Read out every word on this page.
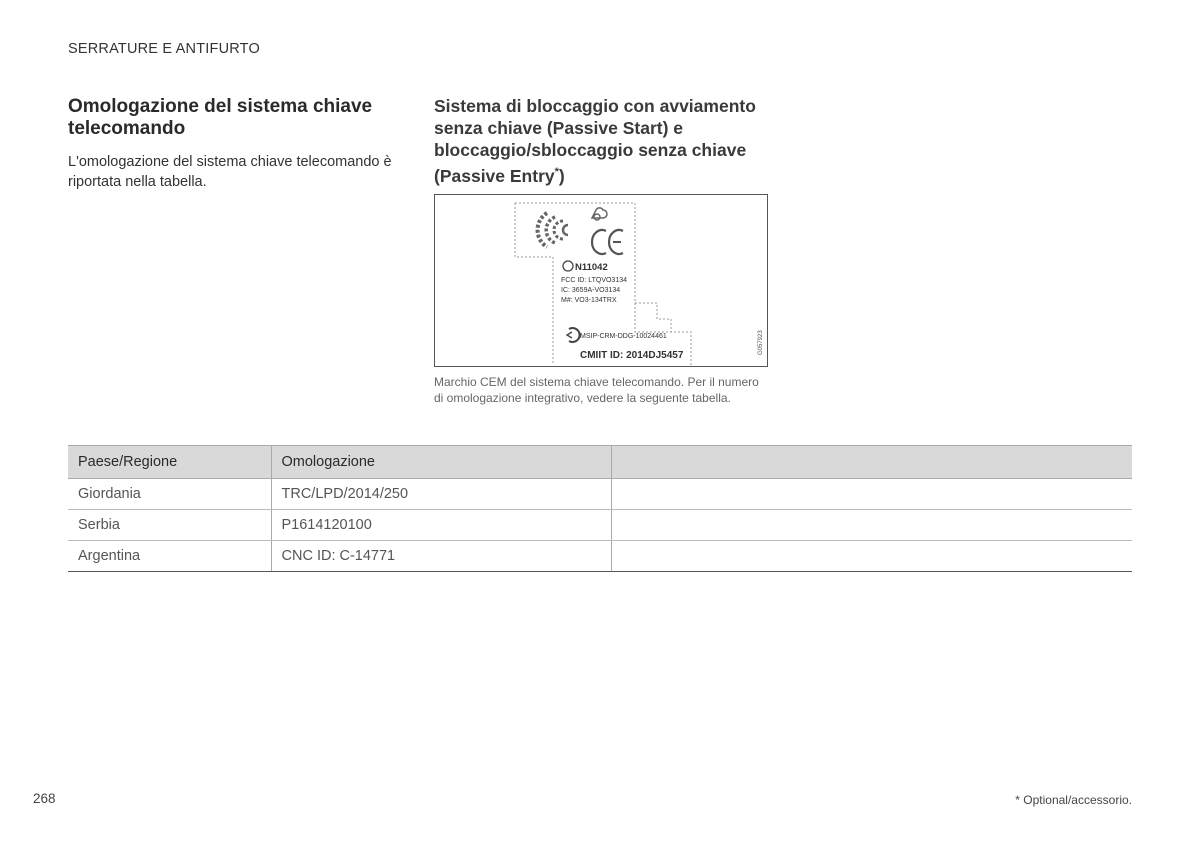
SERRATURE E ANTIFURTO
Omologazione del sistema chiave telecomando

L'omologazione del sistema chiave telecomando è riportata nella tabella.

Sistema di bloccaggio con avviamento senza chiave (Passive Start) e bloccaggio/sbloccaggio senza chiave (Passive Entry*)
N11042
FCC ID: LTQVO3134
IC: 3659A-VO3134
M#: VO3-134TRX
MSIP-CRM-DDG-10024461
CMIIT ID: 2014DJ5457
G057923

Marchio CEM del sistema chiave telecomando. Per il numero di omologazione integrativo, vedere la seguente tabella.

Paese/Regione	Omologazione	
Giordania	TRC/LPD/2014/250	
Serbia	P1614120100	
Argentina	CNC ID: C-14771	
268	* Optional/accessorio.
